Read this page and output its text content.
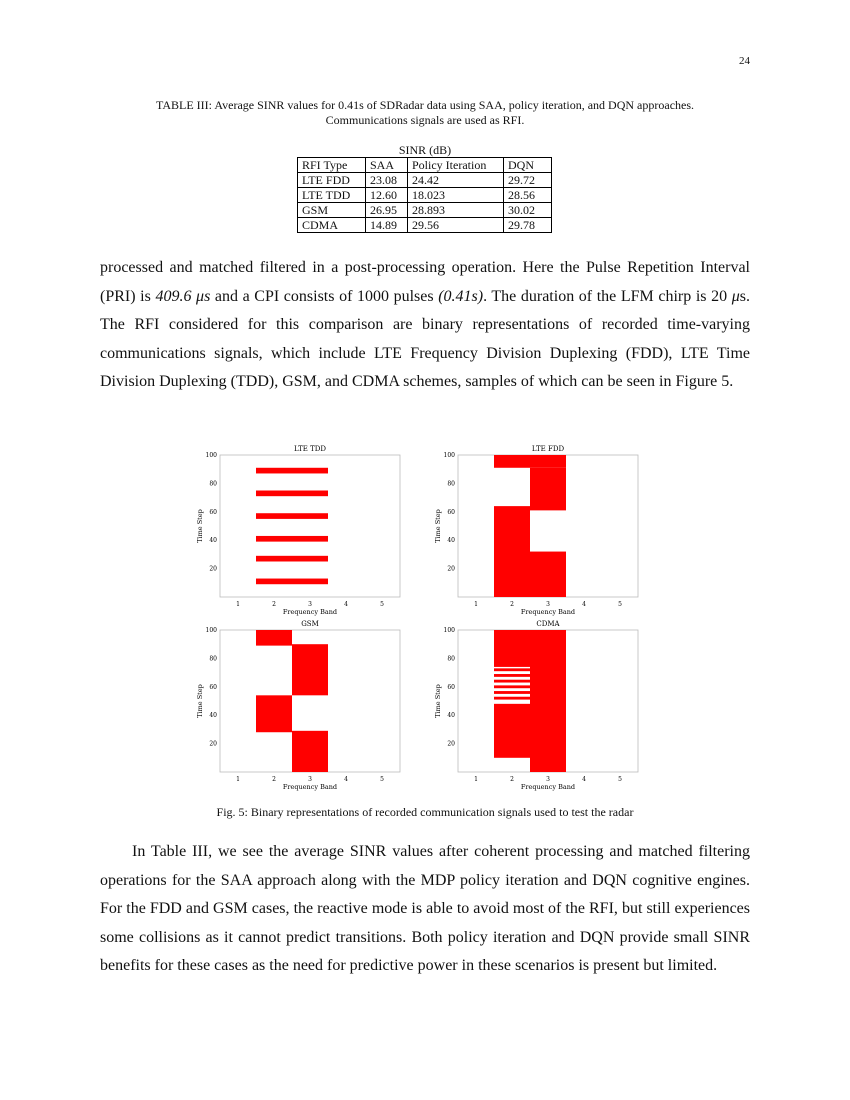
24
TABLE III: Average SINR values for 0.41s of SDRadar data using SAA, policy iteration, and DQN approaches.
Communications signals are used as RFI.
SINR (dB)
RFI Type	SAA	Policy Iteration	DQN
LTE FDD	23.08	24.42	29.72
LTE TDD	12.60	18.023	28.56
GSM	26.95	28.893	30.02
CDMA	14.89	29.56	29.78
processed and matched filtered in a post-processing operation. Here the Pulse Repetition Interval (PRI) is 409.6 μs and a CPI consists of 1000 pulses (0.41s). The duration of the LFM chirp is 20 μs. The RFI considered for this comparison are binary representations of recorded time-varying communications signals, which include LTE Frequency Division Duplexing (FDD), LTE Time Division Duplexing (TDD), GSM, and CDMA schemes, samples of which can be seen in Figure 5.
LTE TDD
1	2	3	4	5
20
40
60
80
100
Frequency Band
Time Step
LTE FDD
1	2	3	4	5
20
40
60
80
100
Frequency Band
Time Step
GSM
1	2	3	4	5
20
40
60
80
100
Frequency Band
Time Step
CDMA
1	2	3	4	5
20
40
60
80
100
Frequency Band
Time Step
Fig. 5: Binary representations of recorded communication signals used to test the radar
In Table III, we see the average SINR values after coherent processing and matched filtering operations for the SAA approach along with the MDP policy iteration and DQN cognitive engines. For the FDD and GSM cases, the reactive mode is able to avoid most of the RFI, but still experiences some collisions as it cannot predict transitions. Both policy iteration and DQN provide small SINR benefits for these cases as the need for predictive power in these scenarios is present but limited.
